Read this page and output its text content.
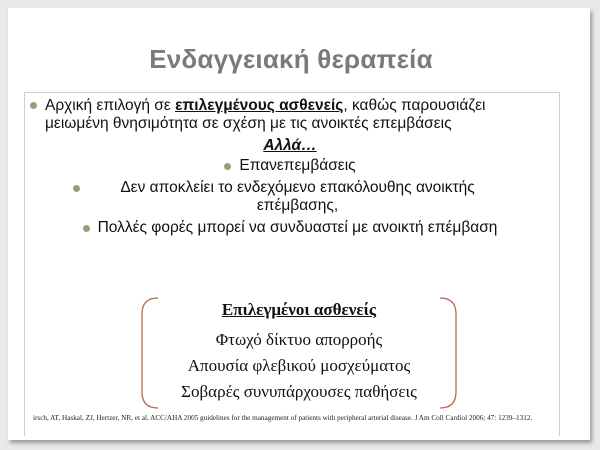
Ενδαγγειακή θεραπεία
Αρχική επιλογή σε επιλεγμένους ασθενείς, καθώς παρουσιάζει μειωμένη θνησιμότητα σε σχέση με τις ανοικτές επεμβάσεις
Αλλά…
Επανεπεμβάσεις
Δεν αποκλείει το ενδεχόμενο επακόλουθης ανοικτής επέμβασης,
Πολλές φορές μπορεί να συνδυαστεί με ανοικτή επέμβαση
Επιλεγμένοι ασθενείς
Φτωχό δίκτυο απορροής
Απουσία φλεβικού μοσχεύματος
Σοβαρές συνυπάρχουσες παθήσεις
irsch, AT, Haskal, ZJ, Hertzer, NR, et al. ACC/AHA 2005 guidelines for the management of patients with peripheral arterial disease. J Am Coll Cardiol 2006; 47: 1239–1312.
